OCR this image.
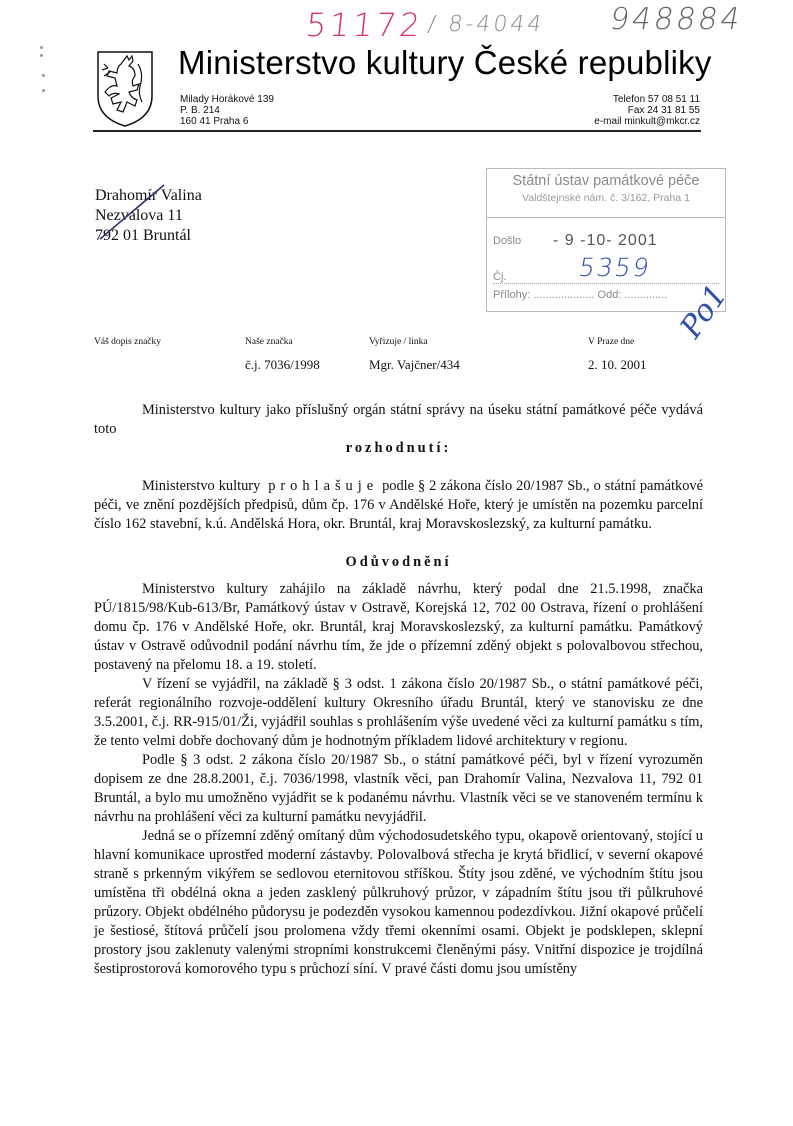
51172 / 8-4044 948884
Ministerstvo kultury České republiky
Milady Horákové 139
P. B. 214
160 41 Praha 6
Telefon 57 08 51 11
Fax 24 31 81 55
e-mail minkult@mkcr.cz
Drahomír Valina
Nezvalova 11
792 01 Bruntál
Státní ústav památkové péče
Valdštejnské nám. č. 3/162, Praha 1
Došlo - 9 -10- 2001
5359
Čj.
Přílohy: .................... Odd: .............. Po1
Váš dopis značky	Naše značka
č.j. 7036/1998
Vyřizuje / linka
Mgr. Vajčner/434
V Praze dne
2. 10. 2001

Ministerstvo kultury jako příslušný orgán státní správy na úseku státní památkové péče vydává toto

rozhodnutí:

Ministerstvo kultury prohlašuje podle § 2 zákona číslo 20/1987 Sb., o státní památkové péči, ve znění pozdějších předpisů, dům čp. 176 v Andělské Hoře, který je umístěn na pozemku parcelní číslo 162 stavební, k.ú. Andělská Hora, okr. Bruntál, kraj Moravskoslezský, za kulturní památku.

Odůvodnění

Ministerstvo kultury zahájilo na základě návrhu, který podal dne 21.5.1998, značka PÚ/1815/98/Kub-613/Br, Památkový ústav v Ostravě, Korejská 12, 702 00 Ostrava, řízení o prohlášení domu čp. 176 v Andělské Hoře, okr. Bruntál, kraj Moravskoslezský, za kulturní památku. Památkový ústav v Ostravě odůvodnil podání návrhu tím, že jde o přízemní zděný objekt s polovalbovou střechou, postavený na přelomu 18. a 19. století.

V řízení se vyjádřil, na základě § 3 odst. 1 zákona číslo 20/1987 Sb., o státní památkové péči, referát regionálního rozvoje-oddělení kultury Okresního úřadu Bruntál, který ve stanovisku ze dne 3.5.2001, č.j. RR-915/01/Ži, vyjádřil souhlas s prohlášením výše uvedené věci za kulturní památku s tím, že tento velmi dobře dochovaný dům je hodnotným příkladem lidové architektury v regionu.

Podle § 3 odst. 2 zákona číslo 20/1987 Sb., o státní památkové péči, byl v řízení vyrozuměn dopisem ze dne 28.8.2001, č.j. 7036/1998, vlastník věci, pan Drahomír Valina, Nezvalova 11, 792 01 Bruntál, a bylo mu umožněno vyjádřit se k podanému návrhu. Vlastník věci se ve stanoveném termínu k návrhu na prohlášení věci za kulturní památku nevyjádřil.

Jedná se o přízemní zděný omítaný dům východosudetského typu, okapově orientovaný, stojící u hlavní komunikace uprostřed moderní zástavby. Polovalbová střecha je krytá břidlicí, v severní okapové straně s prkenným vikýřem se sedlovou eternitovou stříškou. Štíty jsou zděné, ve východním štítu jsou umístěna tři obdélná okna a jeden zasklený půlkruhový průzor, v západním štítu jsou tři půlkruhové průzory. Objekt obdélného půdorysu je podezděn vysokou kamennou podezdívkou. Jižní okapové průčelí je šestiosé, štítová průčelí jsou prolomena vždy třemi okenními osami. Objekt je podsklepen, sklepní prostory jsou zaklenuty valenými stropními konstrukcemi členěnými pásy. Vnitřní dispozice je trojdílná šestiprostorová komorového typu s průchozí síní. V pravé části domu jsou umístěny
